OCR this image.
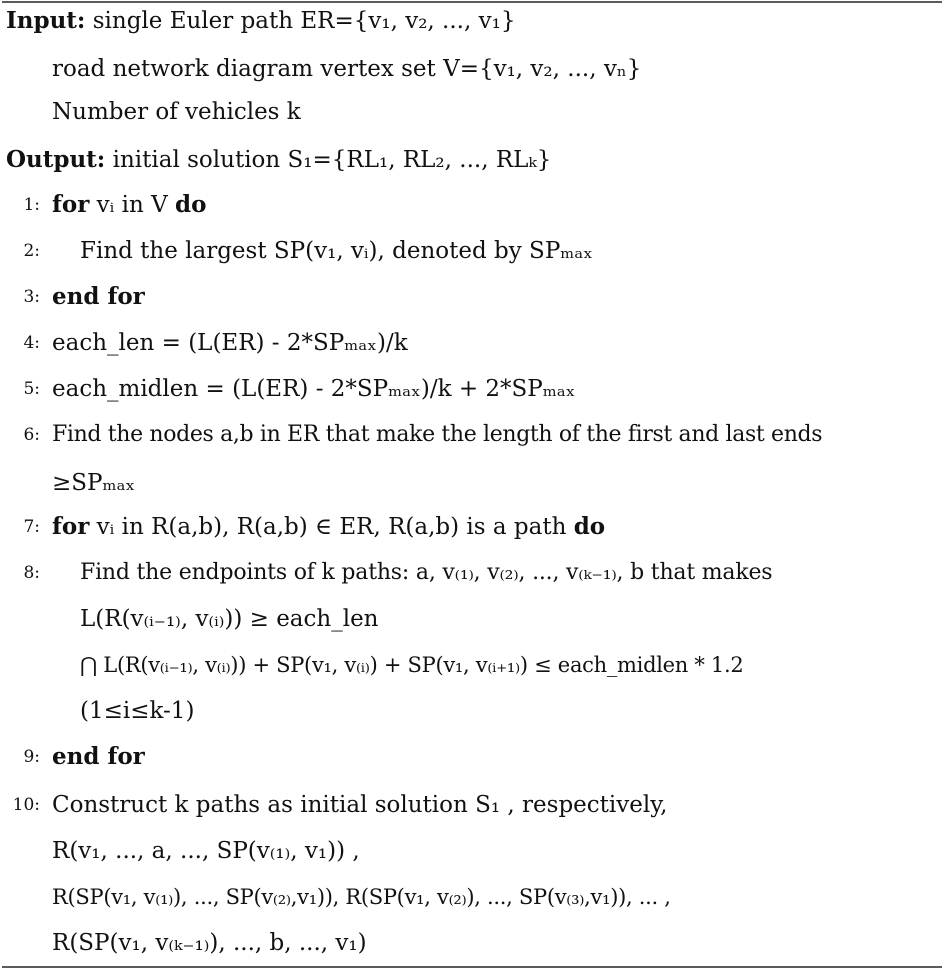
Input: single Euler path ER={v₁, v₂, ..., v₁}
road network diagram vertex set V={v₁, v₂, ..., vₙ}
Number of vehicles k
Output: initial solution S₁={RL₁, RL₂, ..., RLₖ}
1: for vᵢ in V do
2: Find the largest SP(v₁, vᵢ), denoted by SPₘₐₓ
3: end for
4: each_len = (L(ER) - 2*SPₘₐₓ)/k
5: each_midlen = (L(ER) - 2*SPₘₐₓ)/k + 2*SPₘₐₓ
6: Find the nodes a,b in ER that make the length of the first and last ends
≥SPₘₐₓ
7: for vᵢ in R(a,b), R(a,b) ∈ ER, R(a,b) is a path do
8: Find the endpoints of k paths: a, v₍₁₎, v₍₂₎, ..., v₍ₖ₋₁₎, b that makes
L(R(v₍ᵢ₋₁₎, v₍ᵢ₎)) ≥ each_len
⋂ L(R(v₍ᵢ₋₁₎, v₍ᵢ₎)) + SP(v₁, v₍ᵢ₎) + SP(v₁, v₍ᵢ₊₁₎) ≤ each_midlen * 1.2
(1≤i≤k-1)
9: end for
10: Construct k paths as initial solution S₁ , respectively,
R(v₁, ..., a, ..., SP(v₍₁₎, v₁)) ,
R(SP(v₁, v₍₁₎), ..., SP(v₍₂₎,v₁)), R(SP(v₁, v₍₂₎), ..., SP(v₍₃₎,v₁)), ... ,
R(SP(v₁, v₍ₖ₋₁₎), ..., b, ..., v₁)
